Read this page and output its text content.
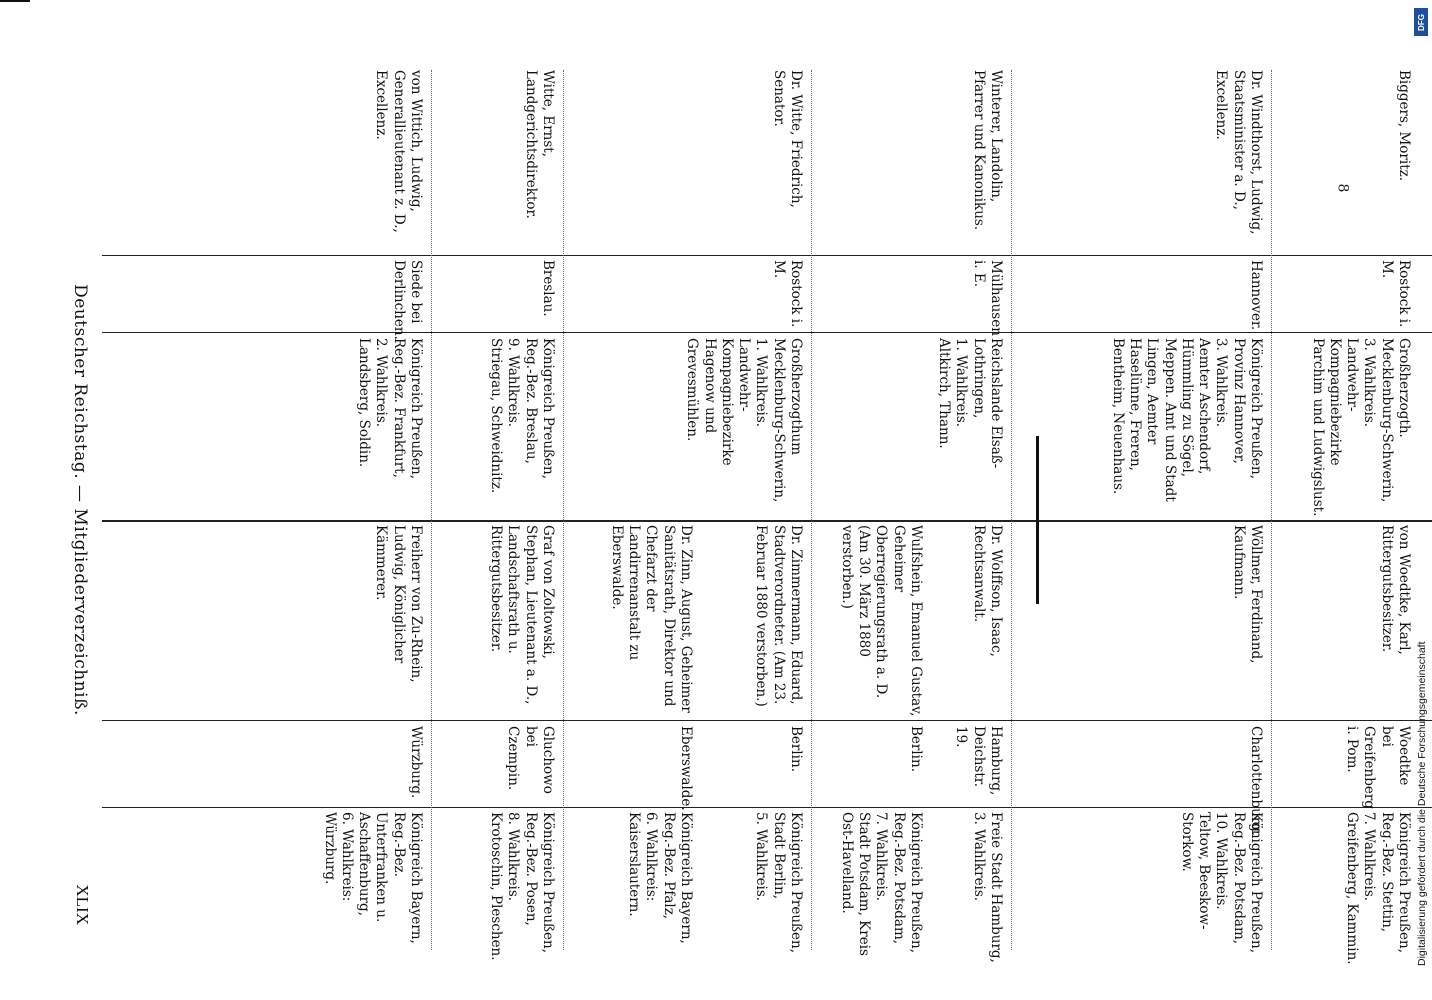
Deutscher Reichstag. — Mitgliederverzeichniß.
XLIX
Biggers, Moritz.
Rostock i. M.
Großherzogth. Mecklenburg-Schwerin,
3. Wahlkreis.
Landwehr-Kompagniebezirke Parchim und Ludwigslust.
von Woedtke, Karl, Rittergutsbesitzer.
Woedtke bei Greifenberg i. Pom.
Königreich Preußen, Reg.-Bez. Stettin,
7. Wahlkreis.
Greifenberg, Kammin.
Dr. Windthorst, Ludwig, Staatsminister a. D., Excellenz.
Hannover.
Königreich Preußen, Provinz Hannover,
3. Wahlkreis.
Aemter Aschendorf, Hümmling zu Sögel, Meppen. Amt und Stadt Lingen, Aemter Haselünne, Freren, Bentheim, Neuenhaus.
Wöllmer, Ferdinand, Kaufmann.
Charlottenburg.
Königreich Preußen, Reg.-Bez. Potsdam,
10. Wahlkreis.
Teltow, Beeskow-Storkow.
Winterer, Landolin, Pfarrer und Kanonikus.
Mülhausen i. E.
Reichslande Elsaß-Lothringen,
1. Wahlkreis.
Altkirch, Thann.
Dr. Wolffson, Isaac, Rechtsanwalt.
Hamburg, Deichstr. 19.
Freie Stadt Hamburg,
3. Wahlkreis.
Wulfshein, Emanuel Gustav, Geheimer Oberregierungsrath a. D. (Am 30. März 1880 verstorben.)
Berlin.
Königreich Preußen, Reg.-Bez. Potsdam,
7. Wahlkreis.
Stadt Potsdam, Kreis Ost-Havelland.
Dr. Witte, Friedrich, Senator.
Rostock i. M.
Großherzogthum Mecklenburg-Schwerin,
1. Wahlkreis.
Landwehr-Kompagniebezirke Hagenow und Grevesmühlen.
Dr. Zimmermann, Eduard, Stadtverordneter. (Am 23. Februar 1880 verstorben.)
Berlin.
Königreich Preußen, Stadt Berlin,
5. Wahlkreis.
Dr. Zinn, August, Geheimer Sanitätsrath, Direktor und Chefarzt der Landirrenanstalt zu Eberswalde.
Eberswalde.
Königreich Bayern, Reg.-Bez. Pfalz,
6. Wahlkreis:
Kaiserslautern.
Witte, Ernst, Landgerichtsdirektor.
Breslau.
Königreich Preußen, Reg.-Bez. Breslau,
9. Wahlkreis.
Striegau, Schweidnitz.
Graf von Zoltowski, Stephan, Lieutenant a. D., Landschaftsrath u. Rittergutsbesitzer.
Gluchowo bei Czempin.
Königreich Preußen, Reg.-Bez. Posen,
8. Wahlkreis.
Krotoschin, Pleschen.
von Wittich, Ludwig, Generallieutenant z. D., Excellenz.
Siede bei Derlinchen.
Königreich Preußen, Reg.-Bez. Frankfurt,
2. Wahlkreis.
Landsberg, Soldin.
Freiherr von Zu-Rhein, Ludwig, Königlicher Kämmerer.
Würzburg.
Königreich Bayern, Reg.-Bez. Unterfranken u. Aschaffenburg,
6. Wahlkreis:
Würzburg.
8
DFG
Digitalisierung gefördert durch die Deutsche Forschungsgemeinschaft
